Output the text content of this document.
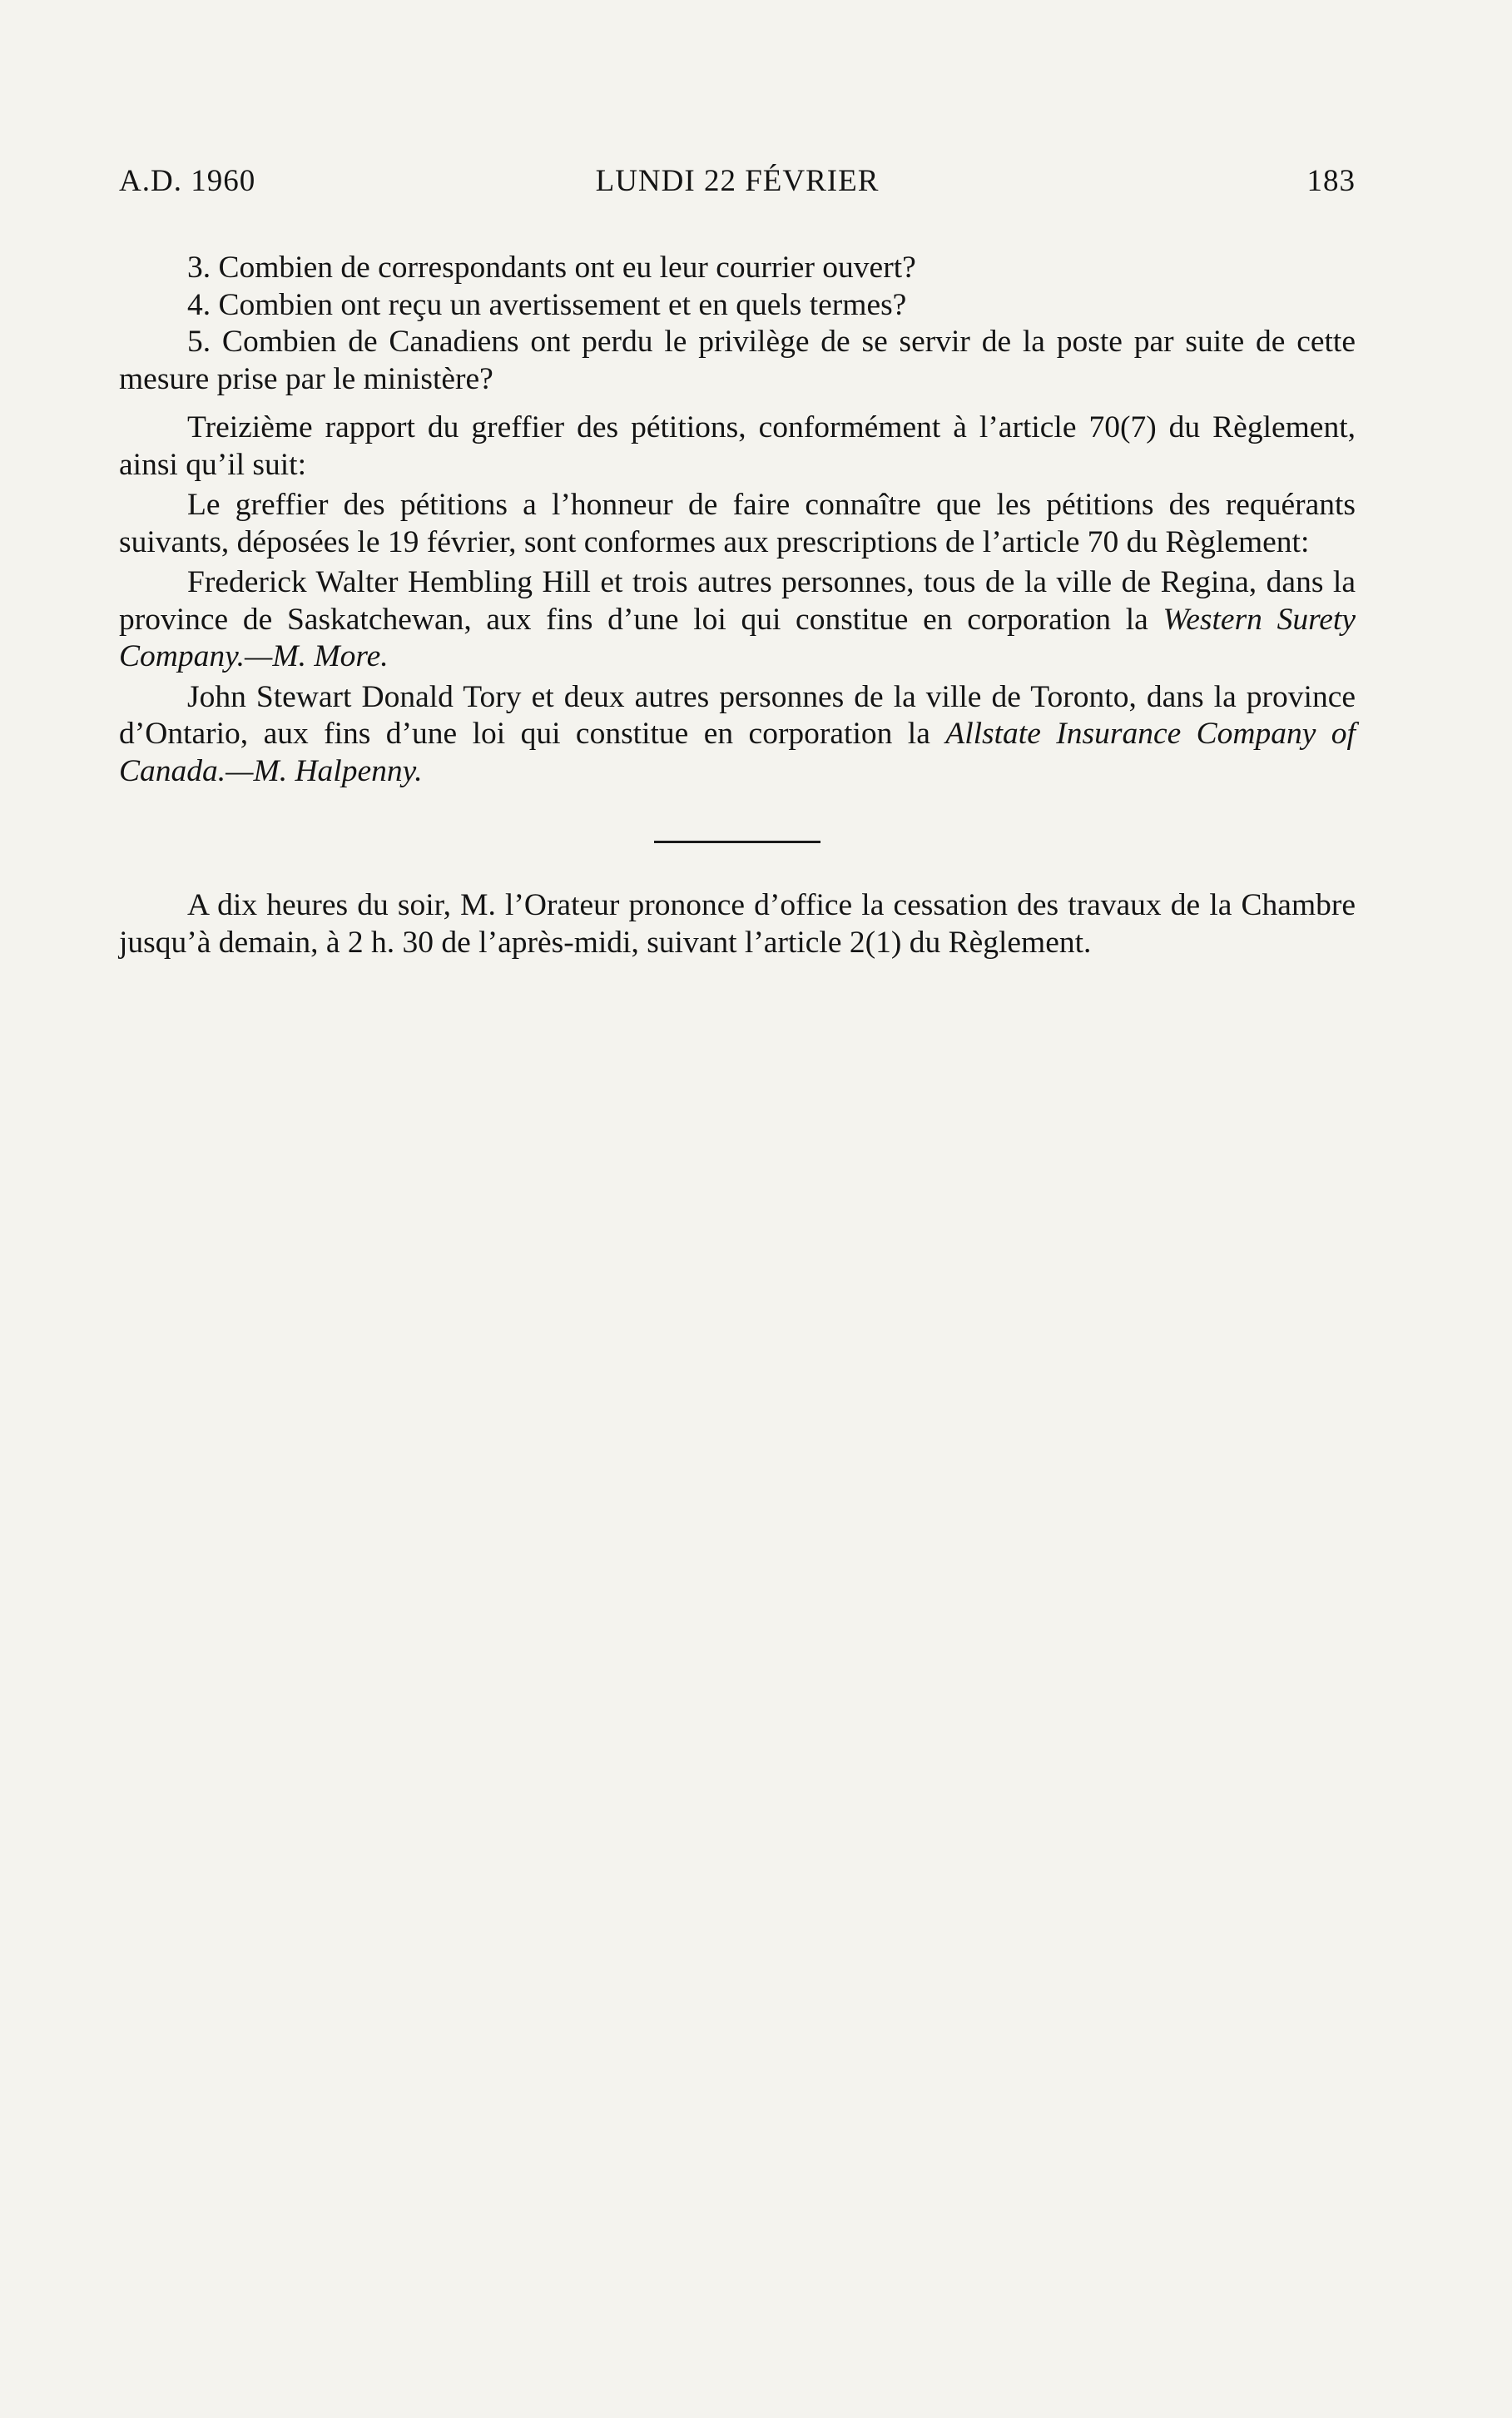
A.D. 1960	LUNDI 22 FÉVRIER	183

3. Combien de correspondants ont eu leur courrier ouvert?

4. Combien ont reçu un avertissement et en quels termes?

5. Combien de Canadiens ont perdu le privilège de se servir de la poste par suite de cette mesure prise par le ministère?

Treizième rapport du greffier des pétitions, conformément à l’article 70(7) du Règlement, ainsi qu’il suit:

Le greffier des pétitions a l’honneur de faire connaître que les pétitions des requérants suivants, déposées le 19 février, sont conformes aux prescriptions de l’article 70 du Règlement:

Frederick Walter Hembling Hill et trois autres personnes, tous de la ville de Regina, dans la province de Saskatchewan, aux fins d’une loi qui constitue en corporation la Western Surety Company.—M. More.

John Stewart Donald Tory et deux autres personnes de la ville de Toronto, dans la province d’Ontario, aux fins d’une loi qui constitue en corporation la Allstate Insurance Company of Canada.—M. Halpenny.

A dix heures du soir, M. l’Orateur prononce d’office la cessation des travaux de la Chambre jusqu’à demain, à 2 h. 30 de l’après-midi, suivant l’article 2(1) du Règlement.
